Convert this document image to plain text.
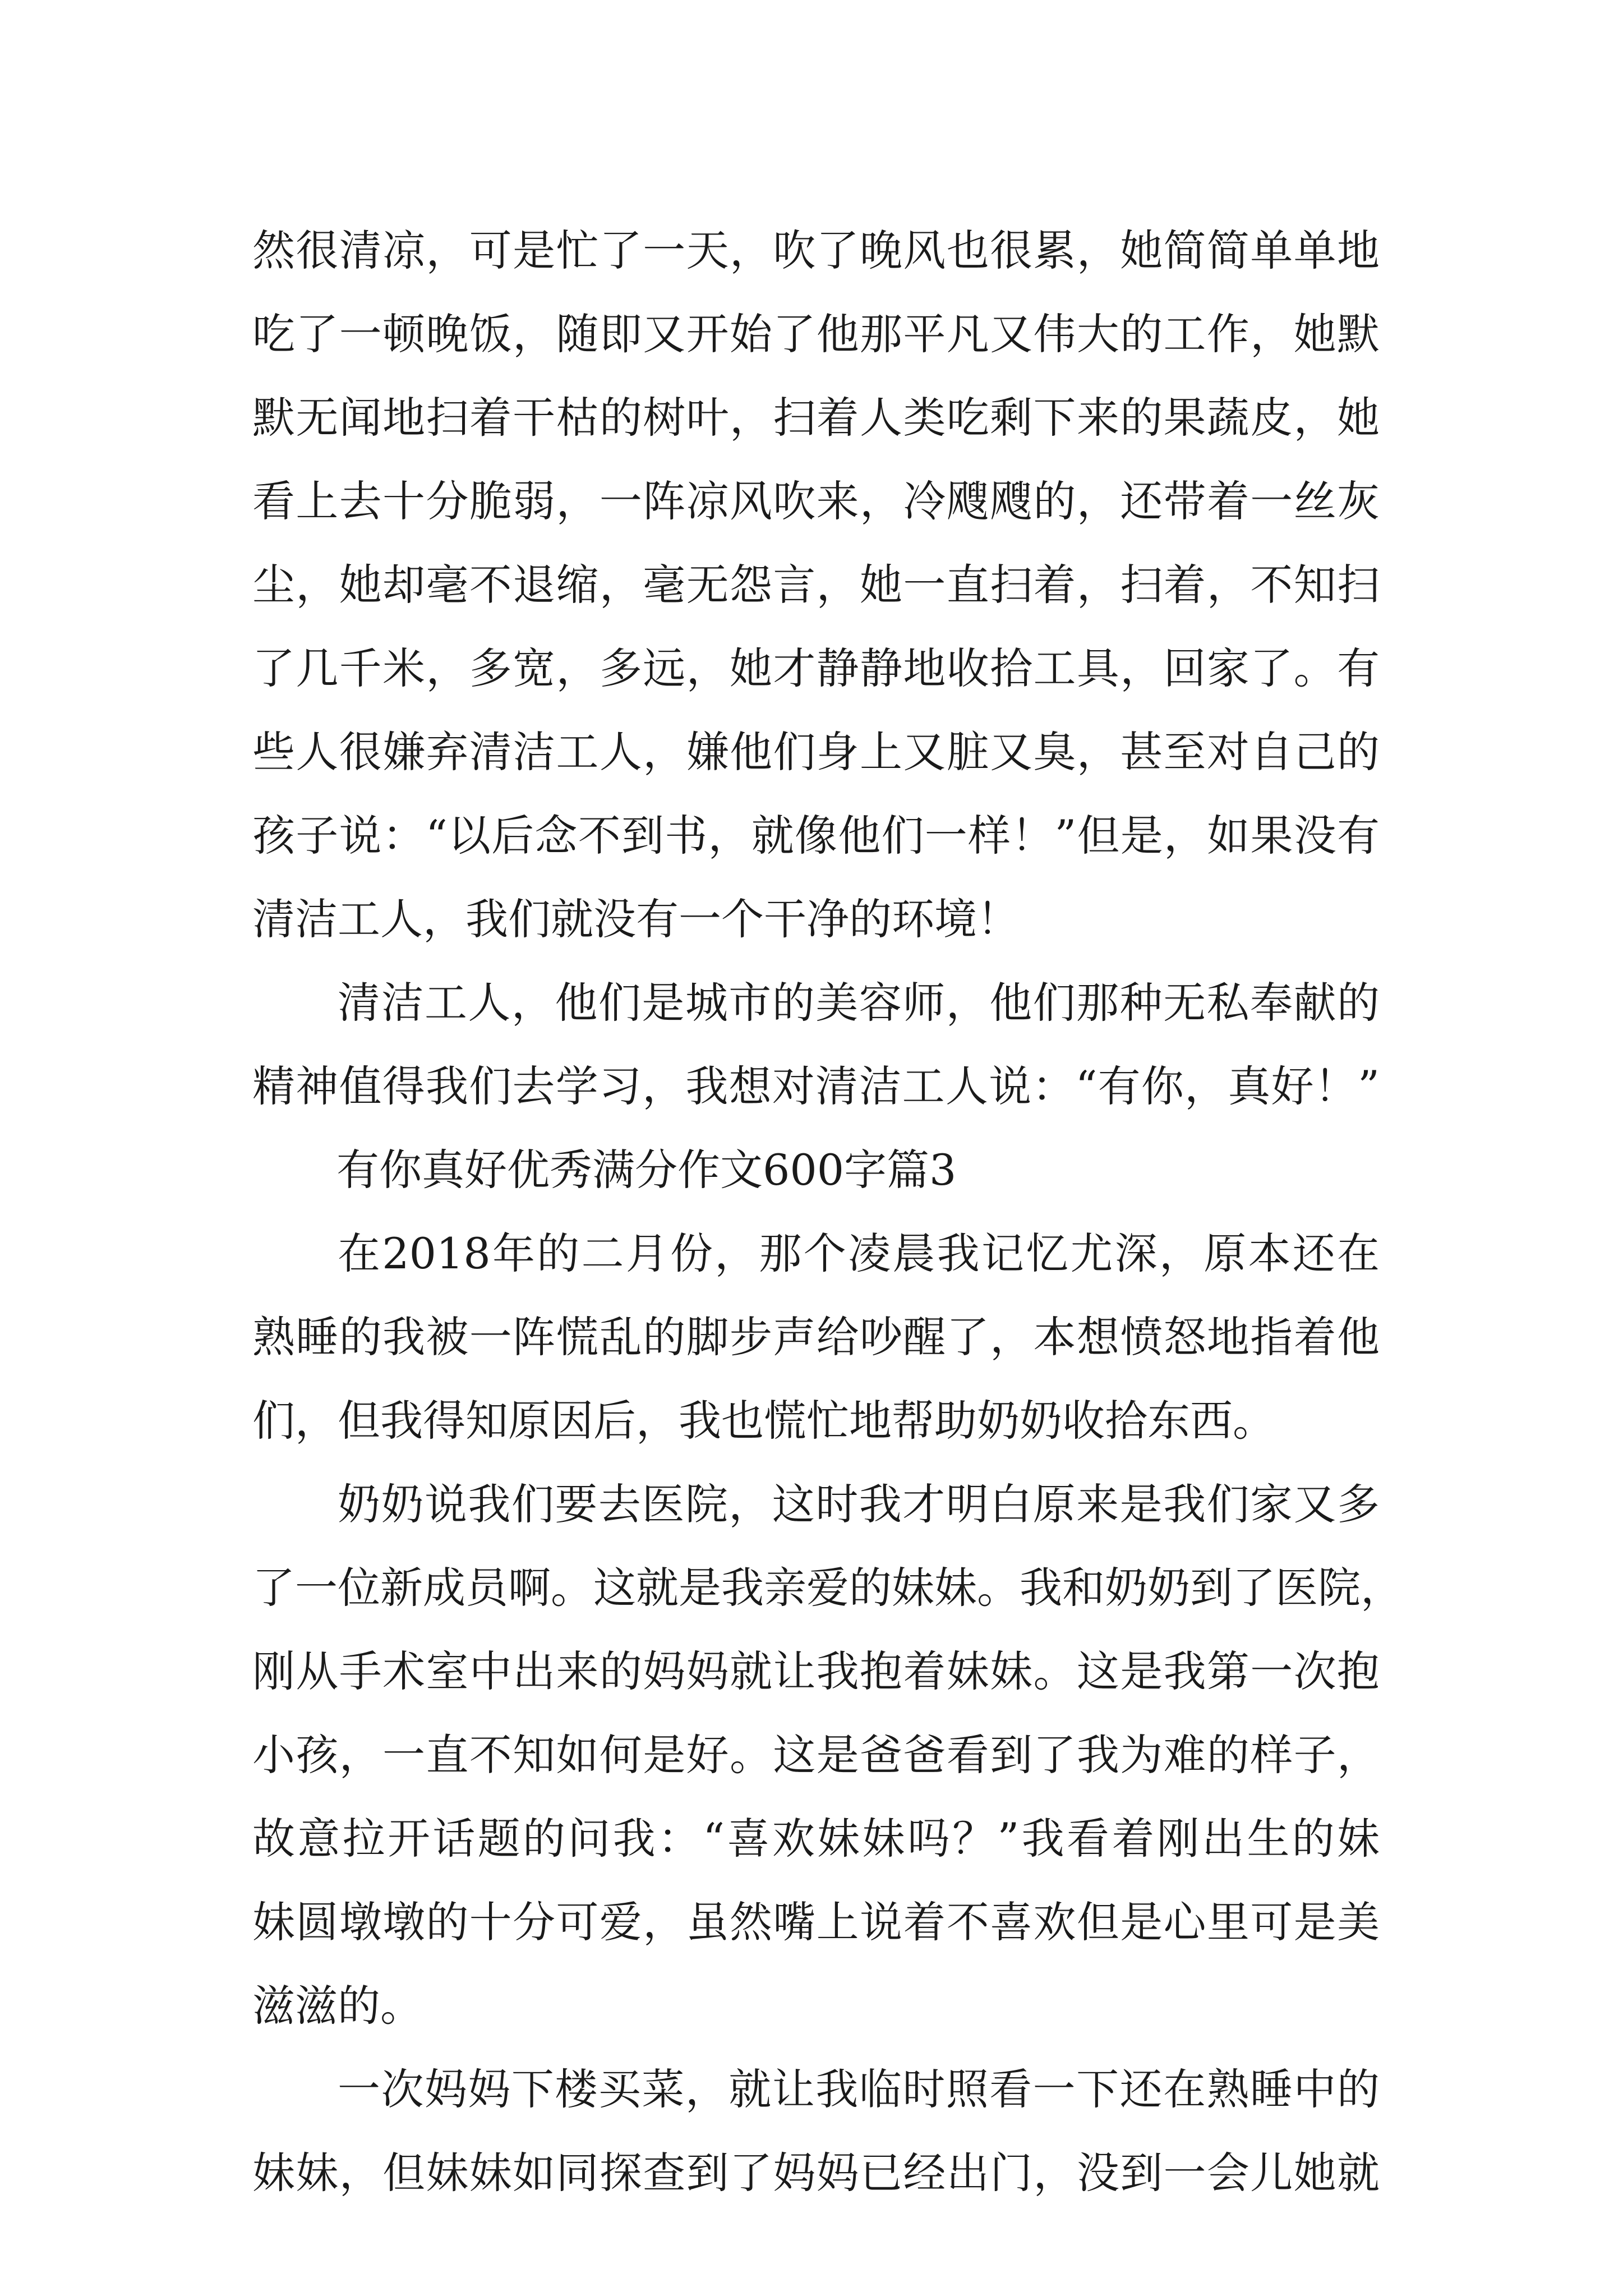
然很清凉，可是忙了一天，吹了晚风也很累，她简简单单地
吃了一顿晚饭，随即又开始了他那平凡又伟大的工作，她默
默无闻地扫着干枯的树叶，扫着人类吃剩下来的果蔬皮，她
看上去十分脆弱，一阵凉风吹来，冷飕飕的，还带着一丝灰
尘，她却毫不退缩，毫无怨言，她一直扫着，扫着，不知扫
了几千米，多宽，多远，她才静静地收拾工具，回家了。有
些人很嫌弃清洁工人，嫌他们身上又脏又臭，甚至对自己的
孩子说：“以后念不到书，就像他们一样！”但是，如果没有
清洁工人，我们就没有一个干净的环境！
清洁工人，他们是城市的美容师，他们那种无私奉献的
精神值得我们去学习，我想对清洁工人说：“有你，真好！”
有你真好优秀满分作文600字篇3
在2018年的二月份，那个凌晨我记忆尤深，原本还在
熟睡的我被一阵慌乱的脚步声给吵醒了，本想愤怒地指着他
们，但我得知原因后，我也慌忙地帮助奶奶收拾东西。
奶奶说我们要去医院，这时我才明白原来是我们家又多
了一位新成员啊。这就是我亲爱的妹妹。我和奶奶到了医院，
刚从手术室中出来的妈妈就让我抱着妹妹。这是我第一次抱
小孩，一直不知如何是好。这是爸爸看到了我为难的样子，
故意拉开话题的问我：“喜欢妹妹吗？”我看着刚出生的妹
妹圆墩墩的十分可爱，虽然嘴上说着不喜欢但是心里可是美
滋滋的。
一次妈妈下楼买菜，就让我临时照看一下还在熟睡中的
妹妹，但妹妹如同探查到了妈妈已经出门，没到一会儿她就
